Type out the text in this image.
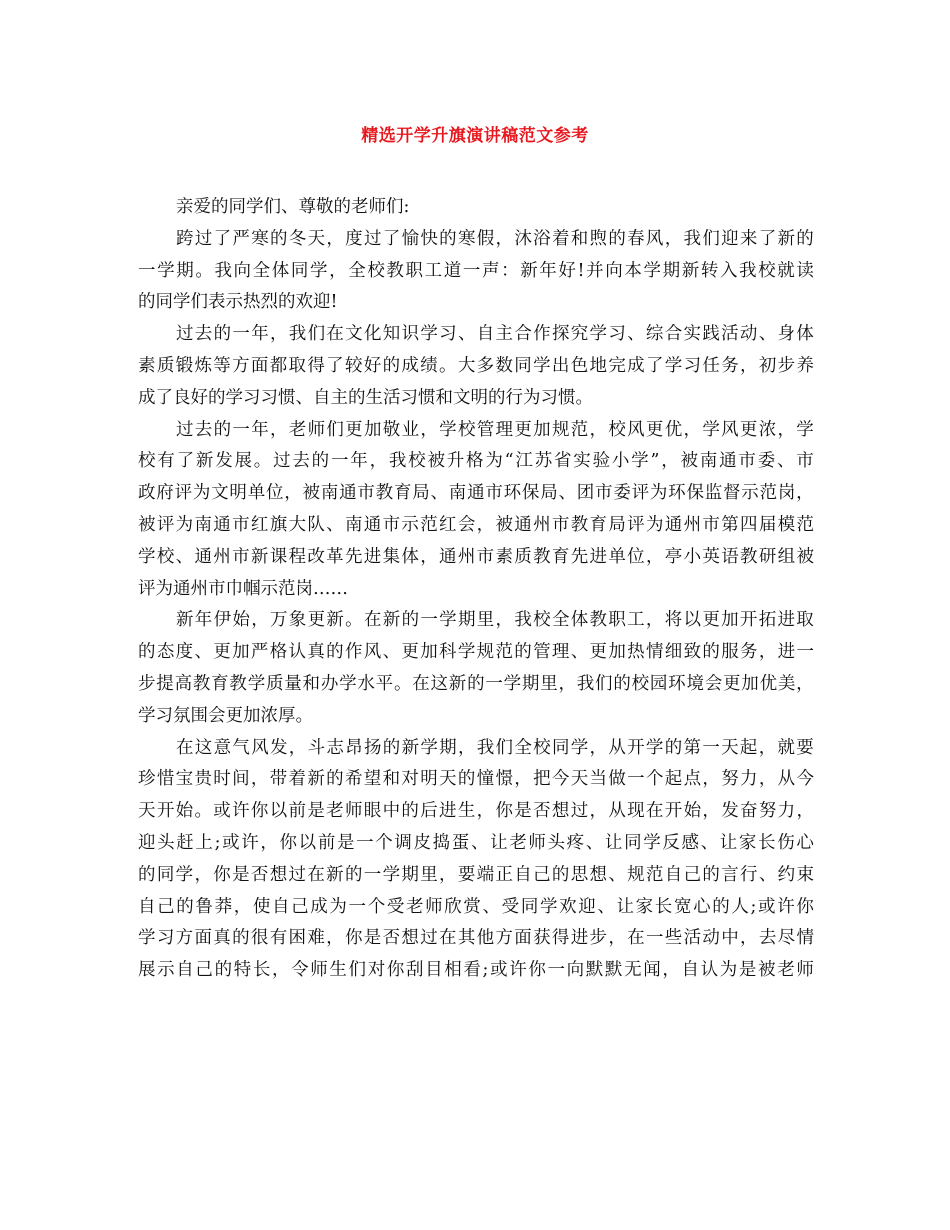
精选开学升旗演讲稿范文参考
亲爱的同学们、尊敬的老师们:
跨 过 了 严 寒 的 冬 天 ， 度 过 了 愉 快 的 寒 假 ， 沐 浴 着 和 煦 的 春 风 ， 我 们 迎 来 了 新 的
一 学 期 。 我 向 全 体 同 学 ， 全 校 教 职 工 道 一 声 ： 新 年 好 ! 并 向 本 学 期 新 转 入 我 校 就 读
的同学们表示热烈的欢迎!
过 去 的 一 年 ， 我 们 在 文 化 知 识 学 习 、 自 主 合 作 探 究 学 习 、 综 合 实 践 活 动 、 身 体
素 质 锻 炼 等 方 面 都 取 得 了 较 好 的 成 绩 。 大 多 数 同 学 出 色 地 完 成 了 学 习 任 务 ， 初 步 养
成了良好的学习习惯、自主的生活习惯和文明的行为习惯。
过 去 的 一 年 ， 老 师 们 更 加 敬 业 ， 学 校 管 理 更 加 规 范 ， 校 风 更 优 ， 学 风 更 浓 ， 学
校 有 了 新 发 展 。 过 去 的 一 年 ， 我 校 被 升 格 为 “ 江 苏 省 实 验 小 学 ” ， 被 南 通 市 委 、 市
政 府 评 为 文 明 单 位 ， 被 南 通 市 教 育 局 、 南 通 市 环 保 局 、 团 市 委 评 为 环 保 监 督 示 范 岗 ，
被 评 为 南 通 市 红 旗 大 队 、 南 通 市 示 范 红 会 ， 被 通 州 市 教 育 局 评 为 通 州 市 第 四 届 模 范
学 校 、 通 州 市 新 课 程 改 革 先 进 集 体 ， 通 州 市 素 质 教 育 先 进 单 位 ， 亭 小 英 语 教 研 组 被
评为通州市巾帼示范岗……
新 年 伊 始 ， 万 象 更 新 。 在 新 的 一 学 期 里 ， 我 校 全 体 教 职 工 ， 将 以 更 加 开 拓 进 取
的 态 度 、 更 加 严 格 认 真 的 作 风 、 更 加 科 学 规 范 的 管 理 、 更 加 热 情 细 致 的 服 务 ， 进 一
步 提 高 教 育 教 学 质 量 和 办 学 水 平 。 在 这 新 的 一 学 期 里 ， 我 们 的 校 园 环 境 会 更 加 优 美 ，
学习氛围会更加浓厚。
在 这 意 气 风 发 ， 斗 志 昂 扬 的 新 学 期 ， 我 们 全 校 同 学 ， 从 开 学 的 第 一 天 起 ， 就 要
珍 惜 宝 贵 时 间 ， 带 着 新 的 希 望 和 对 明 天 的 憧 憬 ， 把 今 天 当 做 一 个 起 点 ， 努 力 ， 从 今
天 开 始 。 或 许 你 以 前 是 老 师 眼 中 的 后 进 生 ， 你 是 否 想 过 ， 从 现 在 开 始 ， 发 奋 努 力 ，
迎 头 赶 上 ; 或 许 ， 你 以 前 是 一 个 调 皮 捣 蛋 、 让 老 师 头 疼 、 让 同 学 反 感 、 让 家 长 伤 心
的 同 学 ， 你 是 否 想 过 在 新 的 一 学 期 里 ， 要 端 正 自 己 的 思 想 、 规 范 自 己 的 言 行 、 约 束
自 己 的 鲁 莽 ， 使 自 己 成 为 一 个 受 老 师 欣 赏 、 受 同 学 欢 迎 、 让 家 长 宽 心 的 人 ; 或 许 你
学 习 方 面 真 的 很 有 困 难 ， 你 是 否 想 过 在 其 他 方 面 获 得 进 步 ， 在 一 些 活 动 中 ， 去 尽 情
展 示 自 己 的 特 长 ， 令 师 生 们 对 你 刮 目 相 看 ; 或 许 你 一 向 默 默 无 闻 ， 自 认 为 是 被 老 师
